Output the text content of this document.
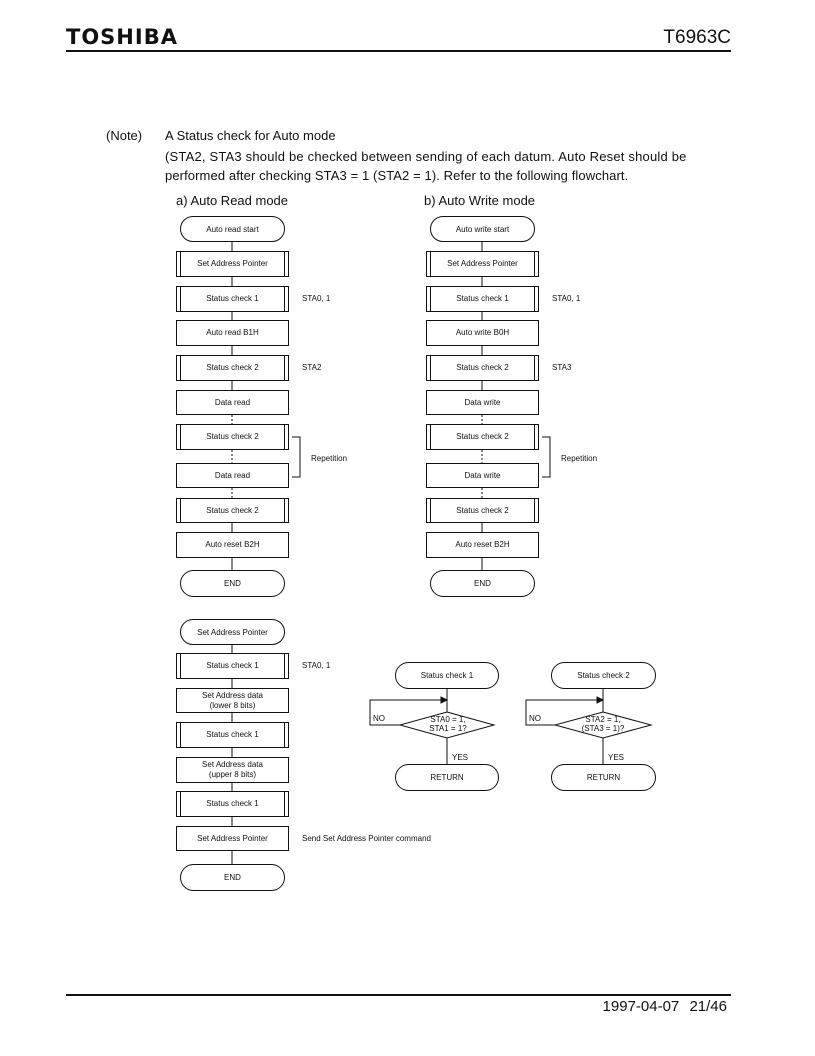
TOSHIBA	T6963C
(Note) A Status check for Auto mode
(STA2, STA3 should be checked between sending of each datum. Auto Reset should be
performed after checking STA3 = 1 (STA2 = 1). Refer to the following flowchart.
a) Auto Read mode	b) Auto Write mode
Auto read start
Set Address Pointer
Status check 1
Auto read B1H
Status check 2
Data read
Status check 2
Data read
Status check 2
Auto reset B2H
END
STA0, 1
STA2
Repetition
Auto write start
Set Address Pointer
Status check 1
Auto write B0H
Status check 2
Data write
Status check 2
Data write
Status check 2
Auto reset B2H
END
STA0, 1
STA3
Repetition
Set Address Pointer
Status check 1
Set Address data
(lower 8 bits)
Status check 1
Set Address data
(upper 8 bits)
Status check 1
Set Address Pointer
END
STA0, 1
Send Set Address Pointer command
Status check 1
STA0 = 1,
STA1 = 1?
NO
YES
RETURN
Status check 2
STA2 = 1,
(STA3 = 1)?
NO
YES
RETURN
1997-04-07 21/46
